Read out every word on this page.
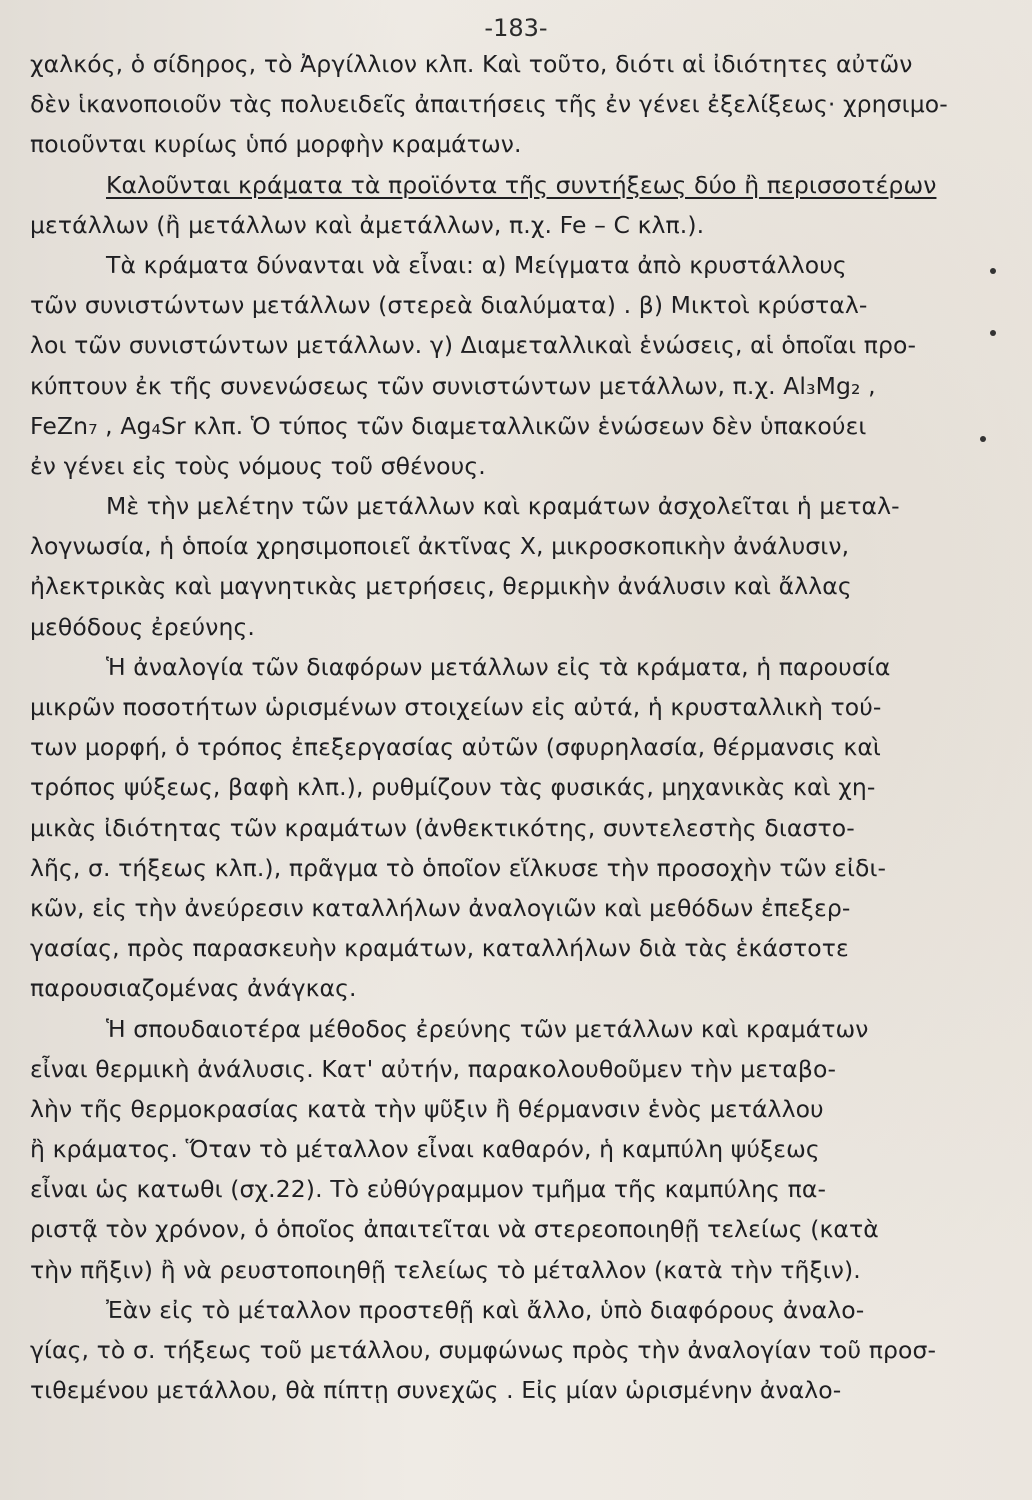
-183-
χαλκός, ὁ σίδηρος, τὸ Ἀργίλλιον κλπ. Καὶ τοῦτο, διότι αἱ ἰδιότητες αὐτῶν
δὲν ἱκανοποιοῦν τὰς πολυειδεῖς ἀπαιτήσεις τῆς ἐν γένει ἐξελίξεως· χρησιμο-
ποιοῦνται κυρίως ὑπό μορφὴν κραμάτων.
Καλοῦνται κράματα τὰ προϊόντα τῆς συντήξεως δύο ἢ περισσοτέρων
μετάλλων (ἢ μετάλλων καὶ ἀμετάλλων, π.χ. Fe – C κλπ.).
Τὰ κράματα δύνανται νὰ εἶναι: α) Μείγματα ἀπὸ κρυστάλλους
τῶν συνιστώντων μετάλλων (στερεὰ διαλύματα) . β) Μικτοὶ κρύσταλ-
λοι τῶν συνιστώντων μετάλλων. γ) Διαμεταλλικαὶ ἑνώσεις, αἱ ὁποῖαι προ-
κύπτουν ἐκ τῆς συνενώσεως τῶν συνιστώντων μετάλλων, π.χ. Al₃Mg₂ ,
FeZn₇ , Ag₄Sr κλπ. Ὁ τύπος τῶν διαμεταλλικῶν ἑνώσεων δὲν ὑπακούει
ἐν γένει εἰς τοὺς νόμους τοῦ σθένους.
Μὲ τὴν μελέτην τῶν μετάλλων καὶ κραμάτων ἀσχολεῖται ἡ μεταλ-
λογνωσία, ἡ ὁποία χρησιμοποιεῖ ἀκτῖνας X, μικροσκοπικὴν ἀνάλυσιν,
ἠλεκτρικὰς καὶ μαγνητικὰς μετρήσεις, θερμικὴν ἀνάλυσιν καὶ ἄλλας
μεθόδους ἐρεύνης.
Ἡ ἀναλογία τῶν διαφόρων μετάλλων εἰς τὰ κράματα, ἡ παρουσία
μικρῶν ποσοτήτων ὡρισμένων στοιχείων εἰς αὐτά, ἡ κρυσταλλικὴ τού-
των μορφή, ὁ τρόπος ἐπεξεργασίας αὐτῶν (σφυρηλασία, θέρμανσις καὶ
τρόπος ψύξεως, βαφὴ κλπ.), ρυθμίζουν τὰς φυσικάς, μηχανικὰς καὶ χη-
μικὰς ἰδιότητας τῶν κραμάτων (ἀνθεκτικότης, συντελεστὴς διαστο-
λῆς, σ. τήξεως κλπ.), πρᾶγμα τὸ ὁποῖον εἵλκυσε τὴν προσοχὴν τῶν εἰδι-
κῶν, εἰς τὴν ἀνεύρεσιν καταλλήλων ἀναλογιῶν καὶ μεθόδων ἐπεξερ-
γασίας, πρὸς παρασκευὴν κραμάτων, καταλλήλων διὰ τὰς ἑκάστοτε
παρουσιαζομένας ἀνάγκας.
Ἡ σπουδαιοτέρα μέθοδος ἐρεύνης τῶν μετάλλων καὶ κραμάτων
εἶναι θερμικὴ ἀνάλυσις. Κατ' αὐτήν, παρακολουθοῦμεν τὴν μεταβο-
λὴν τῆς θερμοκρασίας κατὰ τὴν ψῦξιν ἢ θέρμανσιν ἑνὸς μετάλλου
ἢ κράματος. Ὅταν τὸ μέταλλον εἶναι καθαρόν, ἡ καμπύλη ψύξεως
εἶναι ὡς κατωθι (σχ.22). Τὸ εὐθύγραμμον τμῆμα τῆς καμπύλης πα-
ριστᾷ τὸν χρόνον, ὁ ὁποῖος ἀπαιτεῖται νὰ στερεοποιηθῇ τελείως (κατὰ
τὴν πῆξιν) ἢ νὰ ρευστοποιηθῇ τελείως τὸ μέταλλον (κατὰ τὴν τῆξιν).
Ἐὰν εἰς τὸ μέταλλον προστεθῇ καὶ ἄλλο, ὑπὸ διαφόρους ἀναλο-
γίας, τὸ σ. τήξεως τοῦ μετάλλου, συμφώνως πρὸς τὴν ἀναλογίαν τοῦ προσ-
τιθεμένου μετάλλου, θὰ πίπτῃ συνεχῶς . Εἰς μίαν ὡρισμένην ἀναλο-
